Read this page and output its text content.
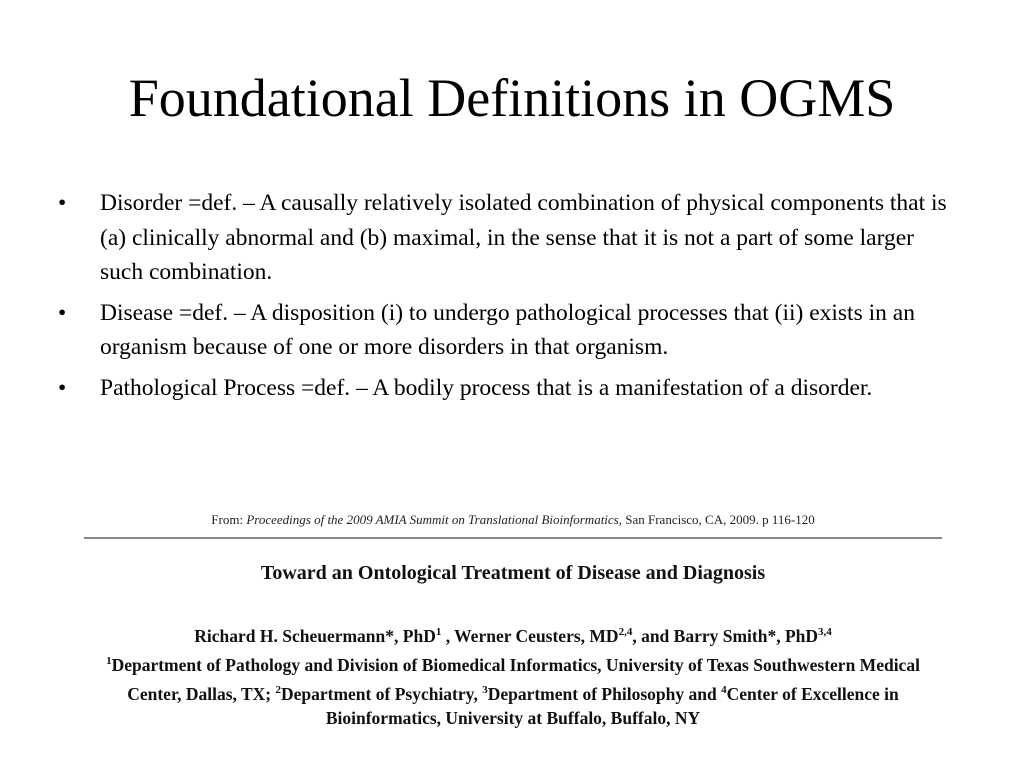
Foundational Definitions in OGMS
•	Disorder =def. – A causally relatively isolated combination of physical components that is (a) clinically abnormal and (b) maximal, in the sense that it is not a part of some larger such combination.
•	Disease =def. – A disposition (i) to undergo pathological processes that (ii) exists in an organism because of one or more disorders in that organism.
•	Pathological Process =def. – A bodily process that is a manifestation of a disorder.
From: Proceedings of the 2009 AMIA Summit on Translational Bioinformatics, San Francisco, CA, 2009. p 116-120
Toward an Ontological Treatment of Disease and Diagnosis
Richard H. Scheuermann*, PhD$^1$ , Werner Ceusters, MD$^{2,4}$, and Barry Smith*, PhD$^{3,4}$
$^1$Department of Pathology and Division of Biomedical Informatics, University of Texas Southwestern Medical Center, Dallas, TX; $^2$Department of Psychiatry, $^3$Department of Philosophy and $^4$Center of Excellence in Bioinformatics, University at Buffalo, Buffalo, NY
